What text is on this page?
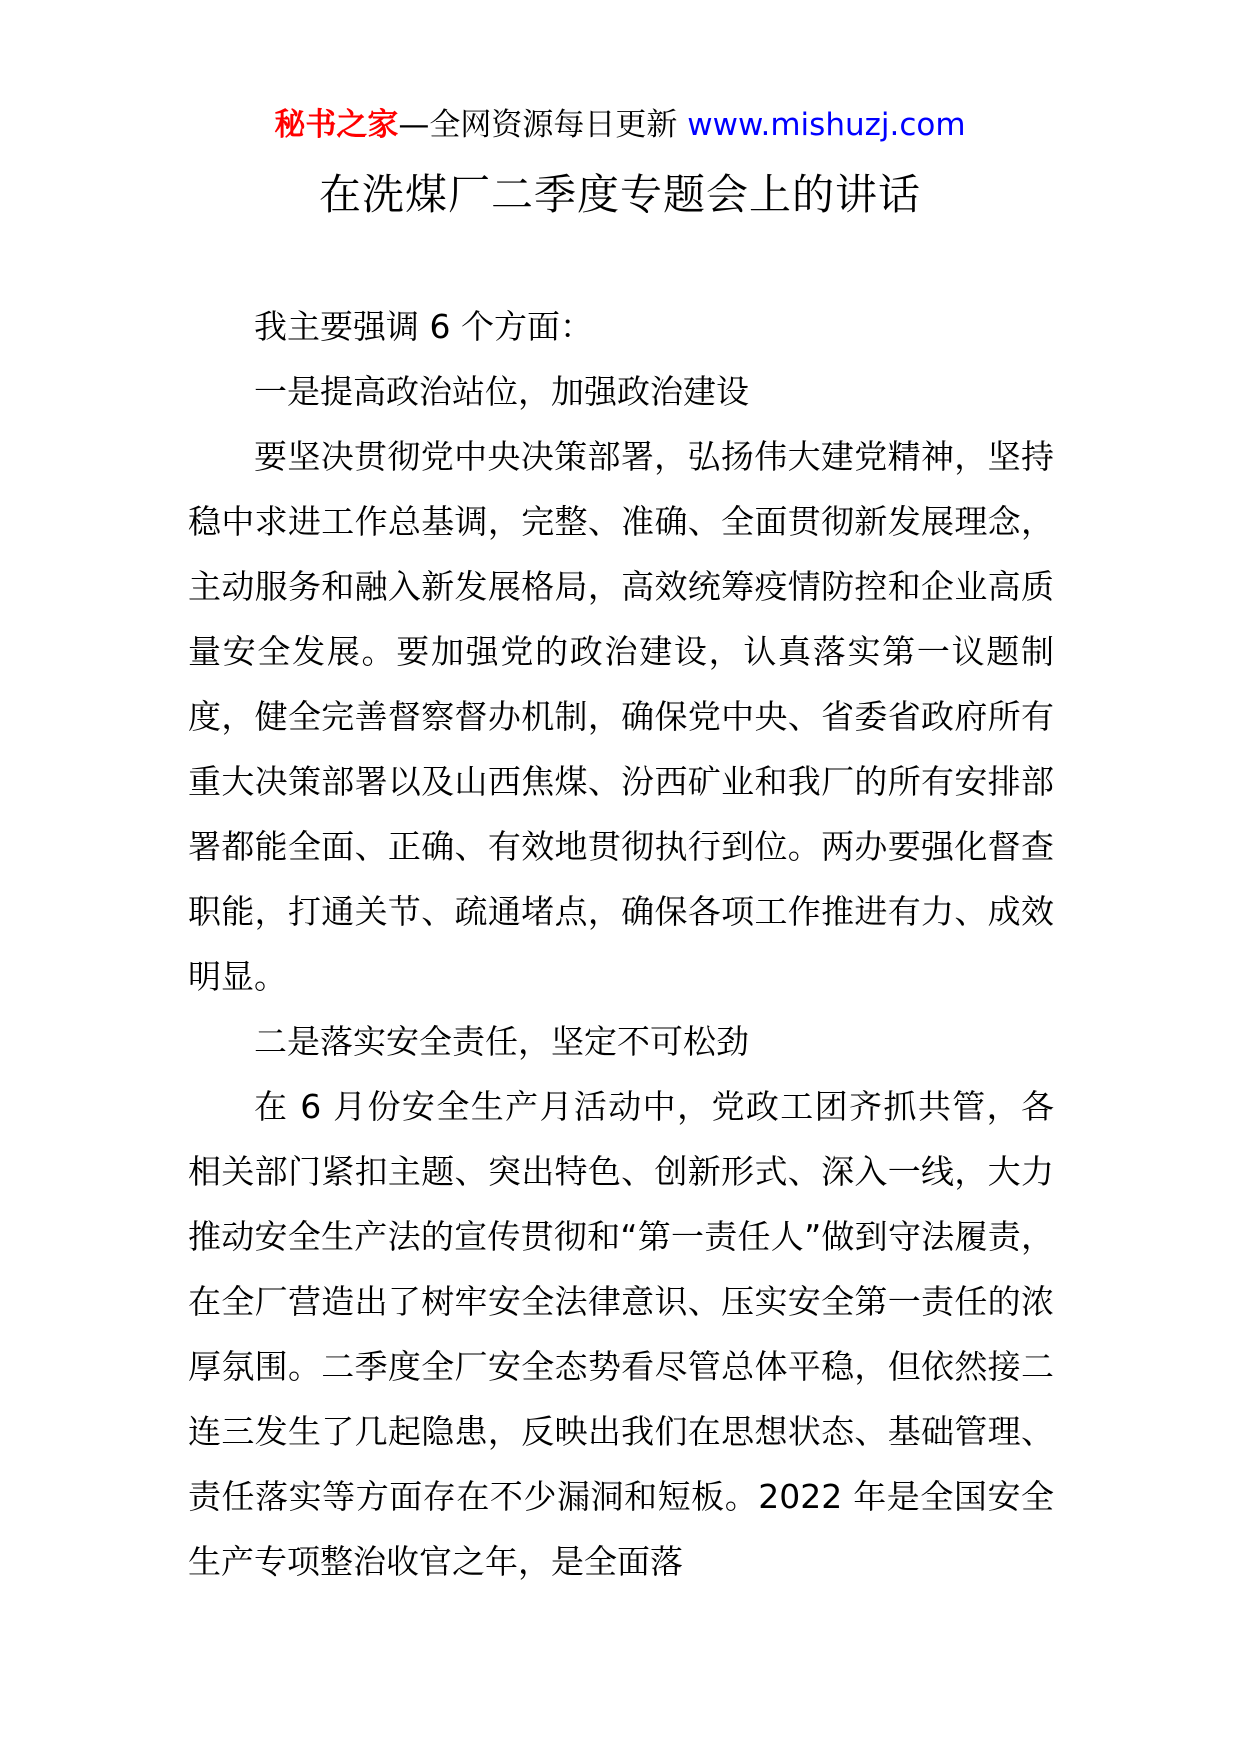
秘书之家—全网资源每日更新 www.mishuzj.com
在洗煤厂二季度专题会上的讲话

我主要强调 6 个方面：

一是提高政治站位，加强政治建设

要坚决贯彻党中央决策部署，弘扬伟大建党精神，坚持稳中求进工作总基调，完整、准确、全面贯彻新发展理念，主动服务和融入新发展格局，高效统筹疫情防控和企业高质量安全发展。要加强党的政治建设，认真落实第一议题制度，健全完善督察督办机制，确保党中央、省委省政府所有重大决策部署以及山西焦煤、汾西矿业和我厂的所有安排部署都能全面、正确、有效地贯彻执行到位。两办要强化督查职能，打通关节、疏通堵点，确保各项工作推进有力、成效明显。

二是落实安全责任，坚定不可松劲

在 6 月份安全生产月活动中，党政工团齐抓共管，各相关部门紧扣主题、突出特色、创新形式、深入一线，大力推动安全生产法的宣传贯彻和“第一责任人”做到守法履责，在全厂营造出了树牢安全法律意识、压实安全第一责任的浓厚氛围。二季度全厂安全态势看尽管总体平稳，但依然接二连三发生了几起隐患，反映出我们在思想状态、基础管理、责任落实等方面存在不少漏洞和短板。2022 年是全国安全生产专项整治收官之年，是全面落
